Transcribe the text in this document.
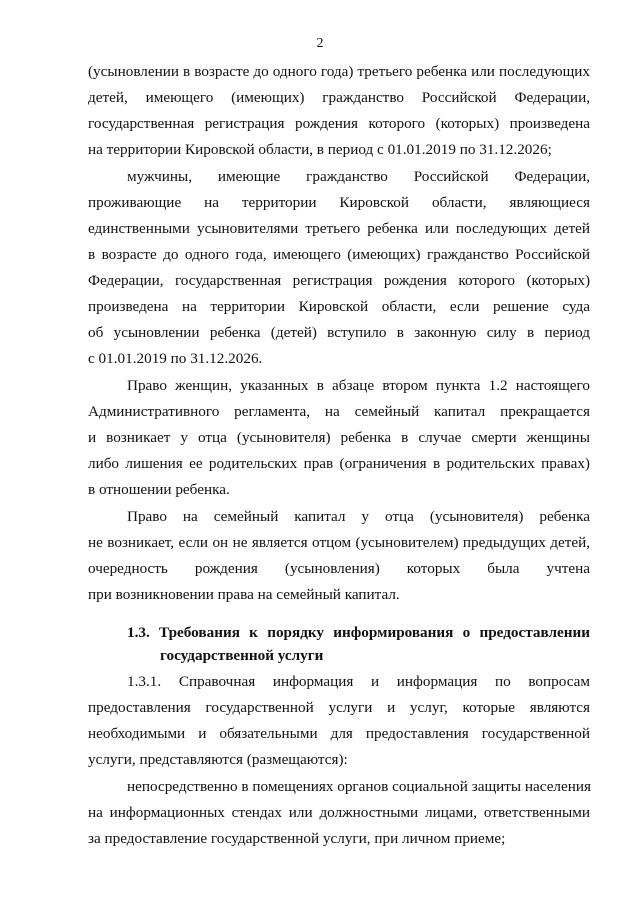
2
(усыновлении в возрасте до одного года) третьего ребенка или последующих
детей, имеющего (имеющих) гражданство Российской Федерации,
государственная регистрация рождения которого (которых) произведена
на территории Кировской области, в период с 01.01.2019 по 31.12.2026;
мужчины, имеющие гражданство Российской Федерации,
проживающие на территории Кировской области, являющиеся
единственными усыновителями третьего ребенка или последующих детей
в возрасте до одного года, имеющего (имеющих) гражданство Российской
Федерации, государственная регистрация рождения которого (которых)
произведена на территории Кировской области, если решение суда
об усыновлении ребенка (детей) вступило в законную силу в период
с 01.01.2019 по 31.12.2026.
Право женщин, указанных в абзаце втором пункта 1.2 настоящего
Административного регламента, на семейный капитал прекращается
и возникает у отца (усыновителя) ребенка в случае смерти женщины
либо лишения ее родительских прав (ограничения в родительских правах)
в отношении ребенка.
Право на семейный капитал у отца (усыновителя) ребенка
не возникает, если он не является отцом (усыновителем) предыдущих детей,
очередность рождения (усыновления) которых была учтена
при возникновении права на семейный капитал.
1.3. Требования к порядку информирования о предоставлении
государственной услуги
1.3.1. Справочная информация и информация по вопросам
предоставления государственной услуги и услуг, которые являются
необходимыми и обязательными для предоставления государственной
услуги, представляются (размещаются):
непосредственно в помещениях органов социальной защиты населения
на информационных стендах или должностными лицами, ответственными
за предоставление государственной услуги, при личном приеме;
